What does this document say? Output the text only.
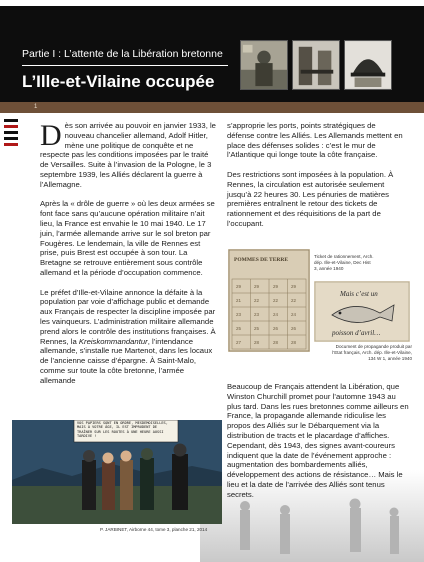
Partie I : L’attente de la Libération bretonne
L’Ille-et-Vilaine occupée
1

Dès son arrivée au pouvoir en janvier 1933, le nouveau chancelier allemand, Adolf Hitler, mène une politique de conquête et ne respecte pas les conditions imposées par le traité de Versailles. Suite à l’invasion de la Pologne, le 3 septembre 1939, les Alliés déclarent la guerre à l’Allemagne.

Après la « drôle de guerre » où les deux armées se font face sans qu’aucune opération militaire n’ait lieu, la France est envahie le 10 mai 1940. Le 17 juin, l’armée allemande arrive sur le sol breton par Fougères. Le lendemain, la ville de Rennes est prise, puis Brest est occupée à son tour. La Bretagne se retrouve entièrement sous contrôle allemand et la période d’occupation commence.

Le préfet d’Ille-et-Vilaine annonce la défaite à la population par voie d’affichage public et demande aux Français de respecter la discipline imposée par les vainqueurs. L’administration militaire allemande prend alors le contrôle des institutions françaises. À Rennes, la Kreiskommandantur, l’intendance allemande, s’installe rue Martenot, dans les locaux de l’ancienne caisse d’épargne. À Saint-Malo, comme sur toute la côte bretonne, l’armée allemande

s’approprie les ports, points stratégiques de défense contre les Alliés. Les Allemands mettent en place des défenses solides : c’est le mur de l’Atlantique qui longe toute la côte française.

Des restrictions sont imposées à la population. À Rennes, la circulation est autorisée seulement jusqu’à 22 heures 30. Les pénuries de matières premières entraînent le retour des tickets de rationnement et des réquisitions de la part de l’occupant.

POMMES DE TERRE
29	29	29	29
21	22	22	22
23	23	24	24
25	25	26	26
27	28	28	28
Ticket de rationnement, Arch. dép. Ille-et-Vilaine, Dec Hist 3, année 1940
Mais c’est un
poisson d’avril…
Document de propagande produit par l’Etat français, Arch. dép. Ille-et-Vilaine, 134 W 1, année 1940

Beaucoup de Français attendent la Libération, que Winston Churchill promet pour l’automne 1943 au plus tard. Dans les rues bretonnes comme ailleurs en France, la propagande allemande ridiculise les propos des Alliés sur le Débarquement via la distribution de tracts et le placardage d’affiches. Cependant, dès 1943, des signes avant-coureurs indiquent que la date de l’événement approche : augmentation des bombardements alliés, développement des actions de résistance… Mais le lieu et la date de l’arrivée des Alliés sont tenus secrets.

VOS PAPIERS SONT EN ORDRE, MESDEMOISELLES, MAIS À VOTRE ÂGE, IL EST IMPRUDENT DE TRAÎNER SUR LES ROUTES À UNE HEURE AUSSI TARDIVE !
P. JARBINET, Airborne 44, tome 3, planche 21, 2014
